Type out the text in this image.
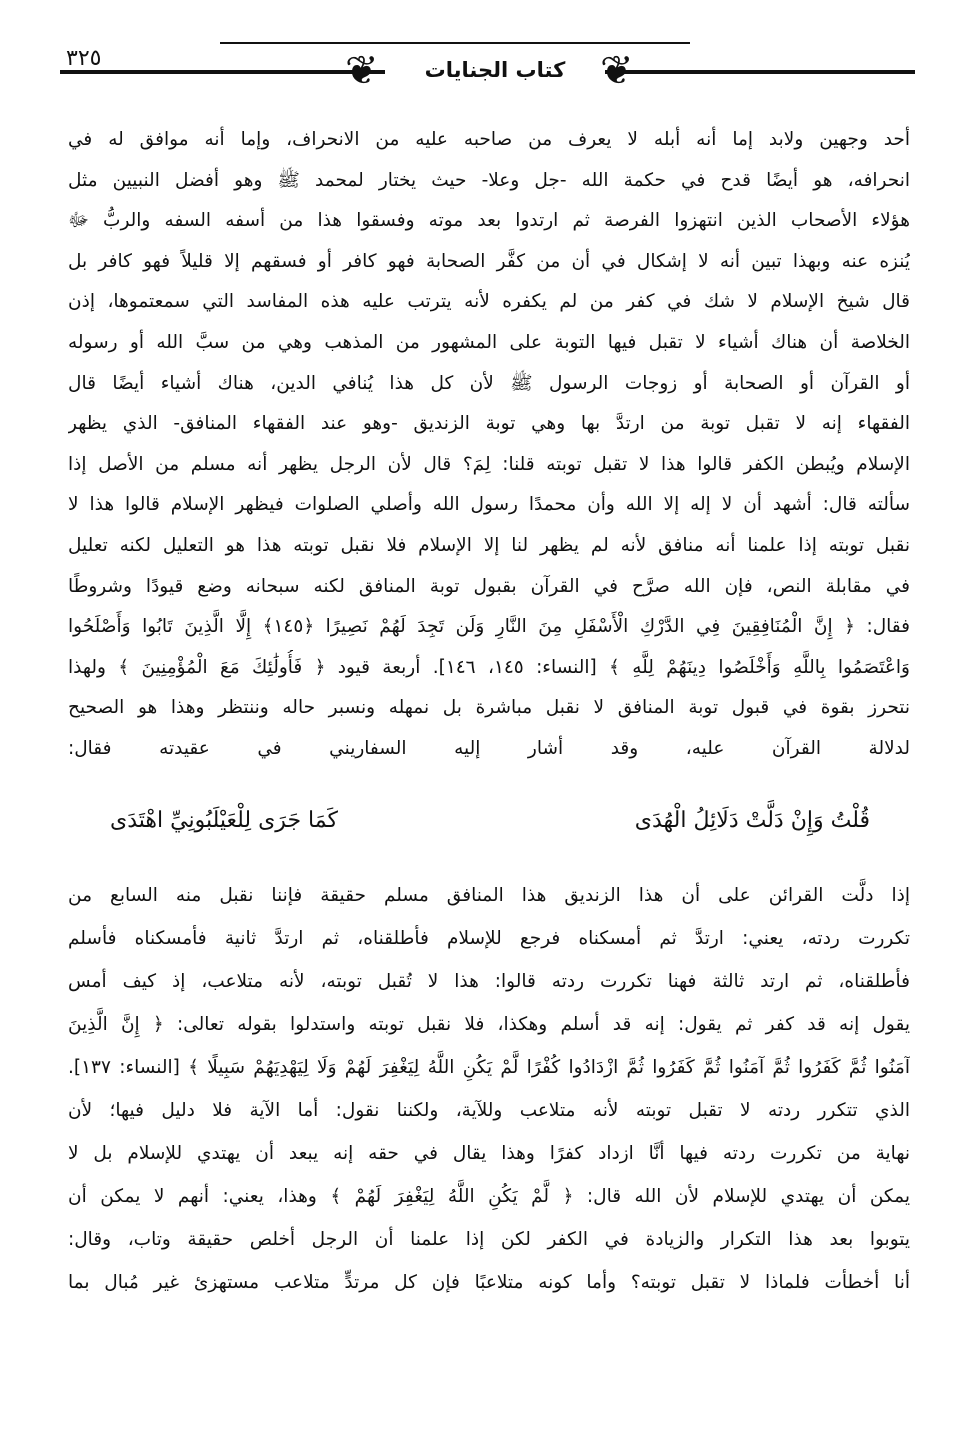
٣٢٥	❦	كتاب الجنايات ❦
أحد وجهين ولابد إما أنه أبله لا يعرف من صاحبه عليه من الانحراف، وإما أنه موافق له في
انحرافه، هو أيضًا قدح في حكمة الله -جل وعلا- حيث يختار لمحمد ﷺ وهو أفضل النبيين مثل
هؤلاء الأصحاب الذين انتهزوا الفرصة ثم ارتدوا بعد موته وفسقوا هذا من أسفه السفه والربُّ ﷻ
يُنزه عنه وبهذا تبين أنه لا إشكال في أن من كفَّر الصحابة فهو كافر أو فسقهم إلا قليلاً فهو كافر بل
قال شيخ الإسلام لا شك في كفر من لم يكفره لأنه يترتب عليه هذه المفاسد التي سمعتموها، إذن
الخلاصة أن هناك أشياء لا تقبل فيها التوبة على المشهور من المذهب وهي من سبَّ الله أو رسوله
أو القرآن أو الصحابة أو زوجات الرسول ﷺ لأن كل هذا يُنافي الدين، هناك أشياء أيضًا قال
الفقهاء إنه لا تقبل توبة من ارتدَّ بها وهي توبة الزنديق -وهو عند الفقهاء المنافق- الذي يظهر
الإسلام ويُبطن الكفر قالوا هذا لا تقبل توبته قلنا: لِمَ؟ قال لأن الرجل يظهر أنه مسلم من الأصل إذا
سألته قال: أشهد أن لا إله إلا الله وأن محمدًا رسول الله وأصلي الصلوات فيظهر الإسلام قالوا هذا لا
نقبل توبته إذا علمنا أنه منافق لأنه لم يظهر لنا إلا الإسلام فلا نقبل توبته هذا هو التعليل لكنه تعليل
في مقابلة النص، فإن الله صرَّح في القرآن بقبول توبة المنافق لكنه سبحانه وضع قيودًا وشروطًا
فقال: ﴿ إِنَّ الْمُنَافِقِينَ فِي الدَّرْكِ الْأَسْفَلِ مِنَ النَّارِ وَلَن تَجِدَ لَهُمْ نَصِيرًا ﴿١٤٥﴾ إِلَّا الَّذِينَ تَابُوا وَأَصْلَحُوا
وَاعْتَصَمُوا بِاللَّهِ وَأَخْلَصُوا دِينَهُمْ لِلَّهِ ﴾ [النساء: ١٤٥، ١٤٦]. أربعة قيود ﴿ فَأُولَٰئِكَ مَعَ الْمُؤْمِنِينَ ﴾ ولهذا
نتحرز بقوة في قبول توبة المنافق لا نقبل مباشرة بل نمهله ونسبر حاله وننتظر وهذا هو الصحيح
لدلالة القرآن عليه، وقد أشار إليه السفاريني في عقيدته فقال:
قُلْتُ وَإِنْ دَلَّتْ دَلَائِلُ الْهُدَى
كَمَا جَرَى لِلْعَيْلَبُونِيِّ اهْتَدَى
إذا دلَّت القرائن على أن هذا الزنديق هذا المنافق مسلم حقيقة فإننا نقبل منه السابع من
تكررت ردته، يعني: ارتدَّ ثم أمسكناه فرجع للإسلام فأطلقناه، ثم ارتدَّ ثانية فأمسكناه فأسلم
فأطلقناه، ثم ارتد ثالثة فهنا تكررت ردته قالوا: هذا لا تُقبل توبته، لأنه متلاعب، إذ كيف أمس
يقول إنه قد كفر ثم يقول: إنه قد أسلم وهكذا، فلا نقبل توبته واستدلوا بقوله تعالى: ﴿ إِنَّ الَّذِينَ
آمَنُوا ثُمَّ كَفَرُوا ثُمَّ آمَنُوا ثُمَّ كَفَرُوا ثُمَّ ازْدَادُوا كُفْرًا لَّمْ يَكُنِ اللَّهُ لِيَغْفِرَ لَهُمْ وَلَا لِيَهْدِيَهُمْ سَبِيلًا ﴾ [النساء: ١٣٧].
الذي تتكرر ردته لا تقبل توبته لأنه متلاعب وللآية، ولكننا نقول: أما الآية فلا دليل فيها؛ لأن
نهاية من تكررت ردته فيها أنَّا ازداد كفرًا وهذا يقال في حقه إنه يبعد أن يهتدي للإسلام بل لا
يمكن أن يهتدي للإسلام لأن الله قال: ﴿ لَّمْ يَكُنِ اللَّهُ لِيَغْفِرَ لَهُمْ ﴾ وهذا، يعني: أنهم لا يمكن أن
يتوبوا بعد هذا التكرار والزيادة في الكفر لكن إذا علمنا أن الرجل أخلص حقيقة وتاب، وقال:
أنا أخطأت فلماذا لا تقبل توبته؟ وأما كونه متلاعبًا فإن كل مرتدٍّ متلاعب مستهزئ غير مُبال بما
